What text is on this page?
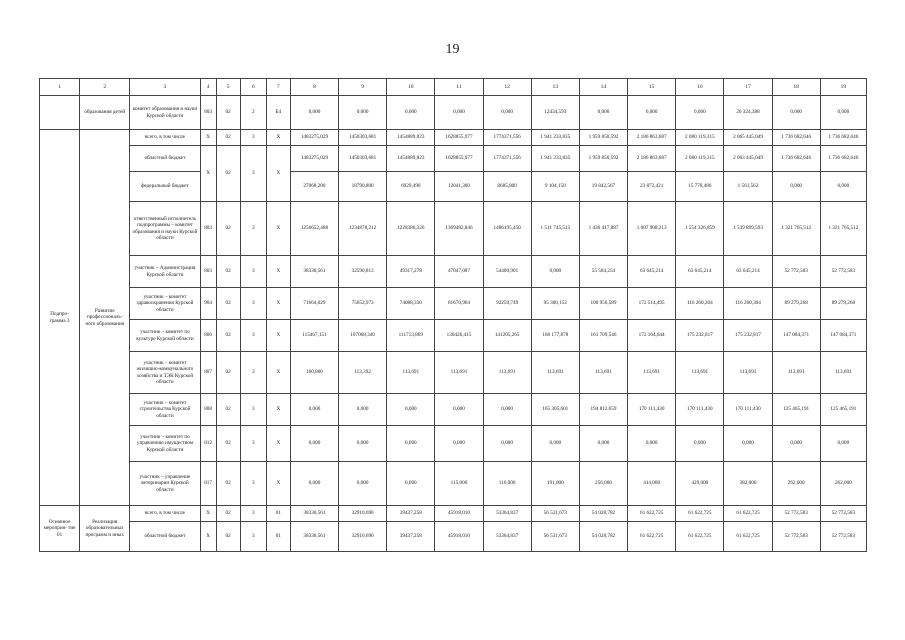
19
1	2	3	4	5	6	7	8	9	10	11	12	13	14	15	16	17	18	19
	образования детей	комитет образования и науки Курской области	803	02	2	Б4	0,000	0,000	0,000	0,000	0,000	12434,593	0,000	0,000	0,000	20 324,388	0,000	0,000
Подпро- грамма 3	Развитие профессиональ- ного образования	всего, в том числе	Х	02	3	Х	1483275,029	1450303,681	1454889,823	1628855,977	1774371,556	1 941 233,835	1 959 850,592	2 186 863,687	2 080 119,315	2 065 445,049	1 736 682,646	1 736 682,646
		областной бюджет	Х	02	3	Х	1483275,029	1450303,681	1454889,823	1628855,977	1774371,556	1 941 233,835	1 959 850,592	2 186 863,687	2 080 119,315	2 063 445,049	1 736 682,646	1 736 682,646
		федеральный бюджет					27068,200	18790,800	6929,490	12041,300	8685,800	9 104,150	19 842,567	23 872,421	15 778,486	1 561,562	0,000	0,000
		ответственный исполнитель подпрограммы – комитет образования и науки Курской области	803	02	3	Х	1256652,488	1234878,212	1228386,326	1369482,846	1486195,450	1 511 745,513	1 436 417,887	1 607 908,213	1 554 326,859	1 539 899,593	1 321 765,512	1 321 765,512
		участник – Администрация Курской области	803	02	3	Х	38330,561	32590,813	49317,278	47047,087	54400,901	0,000	55 584,254	63 645,214	63 645,214	63 645,214	52 772,583	52 772,583
		участник – комитет здравоохранения Курской области	904	02	3	Х	71664,029	75652,973	74088,330	81670,964	92259,749	95 300,152	100 956,589	172 514,495	116 260,304	116 260,304	89 279,268	89 279,268
		участник – комитет по культуре Курской области	806	02	3	Х	115467,151	107068,340	111713,869	130426,415	141205,265	168 177,878	161 709,546	172 164,644	175 232,817	175 232,817	147 084,371	147 084,371
		участник – комитет жилищно-коммунального хозяйства и ТЭК Курской области	807	02	3	Х	160,800	113,392	113,691	113,691	113,691	113,691	113,691	113,691	113,691	113,691	113,691	113,691
		участник – комитет строительства Курской области	808	02	3	Х	0,000	0,000	0,000	0,000	0,000	165 305,601	194 812,659	170 111,430	170 111,430	170 111,430	125 465,191	125 465,191
		участник – комитет по управлению имуществом Курской области	812	02	3	Х	0,000	0,000	0,000	0,000	0,000	0,000	0,000	0,000	0,000	0,000	0,000	0,000
		участник – управление ветеринарии Курской области	817	02	3	Х	0,000	0,000	0,000	115,000	116,000	191,000	256,000	414,000	429,000	382,000	262,000	262,000
Основное мероприя- тие 01	Реализация образовательных программ и иных	всего, в том числе	Х	02	3	01	38330,561	32910,690	39437,258	45918,010	53364,837	56 531,673	54 028,782	61 622,725	61 622,725	61 622,725	52 772,583	52 772,583
		областной бюджет	Х	02	3	01	38330,561	32910,690	39437,258	45918,010	53364,837	56 531,673	54 028,782	61 622,725	61 622,725	61 622,725	52 772,583	52 772,583
